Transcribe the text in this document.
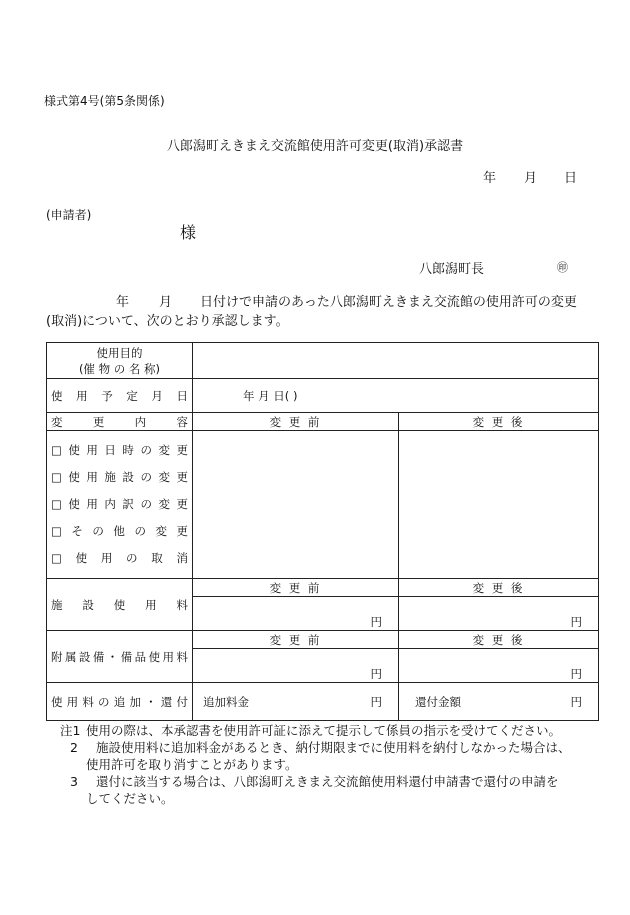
様式第4号(第5条関係)
八郎潟町えきまえ交流館使用許可変更(取消)承認書
年 月 日
(申請者)
様
八郎潟町長	㊞
年 月 日付けで申請のあった八郎潟町えきまえ交流館の使用許可の変更
(取消)について、次のとおり承認します。
使用目的
(催 物 の 名 称)		

使用予定月日	年 月 日( )	

変更内容	変 更 前	変 更 後

□使用日時の変更
□使用施設の変更
□使用内訳の変更
□その他の変更
□使用の取消		

施設使用料	変 更 前	変 更 後
	円	円

附属設備・備品使用料	変 更 前	変 更 後
	円	円

使用料の追加・還付	追加料金 円	還付金額 円
注1 使用の際は、本承認書を使用許可証に添えて提示して係員の指示を受けてください。
2	施設使用料に追加料金があるとき、納付期限までに使用料を納付しなかった場合は、
使用許可を取り消すことがあります。
3	還付に該当する場合は、八郎潟町えきまえ交流館使用料還付申請書で還付の申請を
してください。
